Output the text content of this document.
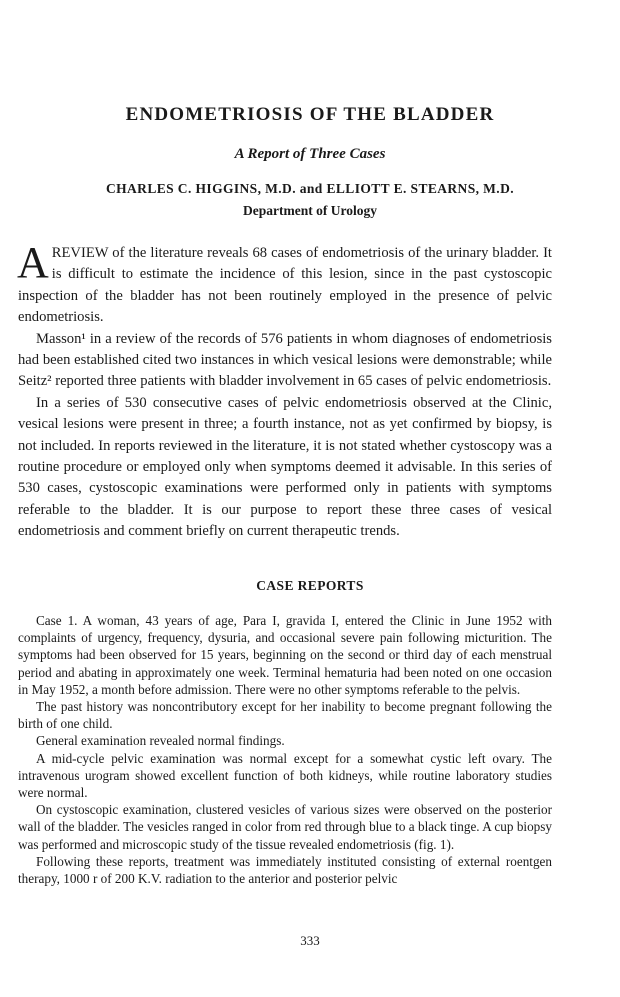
ENDOMETRIOSIS OF THE BLADDER
A Report of Three Cases
CHARLES C. HIGGINS, M.D. and ELLIOTT E. STEARNS, M.D.
Department of Urology

AREVIEW of the literature reveals 68 cases of endometriosis of the urinary bladder. It is difficult to estimate the incidence of this lesion, since in the past cystoscopic inspection of the bladder has not been routinely employed in the presence of pelvic endometriosis.

Masson¹ in a review of the records of 576 patients in whom diagnoses of endometriosis had been established cited two instances in which vesical lesions were demonstrable; while Seitz² reported three patients with bladder involvement in 65 cases of pelvic endometriosis.

In a series of 530 consecutive cases of pelvic endometriosis observed at the Clinic, vesical lesions were present in three; a fourth instance, not as yet confirmed by biopsy, is not included. In reports reviewed in the literature, it is not stated whether cystoscopy was a routine procedure or employed only when symptoms deemed it advisable. In this series of 530 cases, cystoscopic examinations were performed only in patients with symptoms referable to the bladder. It is our purpose to report these three cases of vesical endometriosis and comment briefly on current therapeutic trends.

CASE REPORTS

Case 1. A woman, 43 years of age, Para I, gravida I, entered the Clinic in June 1952 with complaints of urgency, frequency, dysuria, and occasional severe pain following micturition. The symptoms had been observed for 15 years, beginning on the second or third day of each menstrual period and abating in approximately one week. Terminal hematuria had been noted on one occasion in May 1952, a month before admission. There were no other symptoms referable to the pelvis.

The past history was noncontributory except for her inability to become pregnant following the birth of one child.

General examination revealed normal findings.

A mid-cycle pelvic examination was normal except for a somewhat cystic left ovary. The intravenous urogram showed excellent function of both kidneys, while routine laboratory studies were normal.

On cystoscopic examination, clustered vesicles of various sizes were observed on the posterior wall of the bladder. The vesicles ranged in color from red through blue to a black tinge. A cup biopsy was performed and microscopic study of the tissue revealed endometriosis (fig. 1).

Following these reports, treatment was immediately instituted consisting of external roentgen therapy, 1000 r of 200 K.V. radiation to the anterior and posterior pelvic

333
